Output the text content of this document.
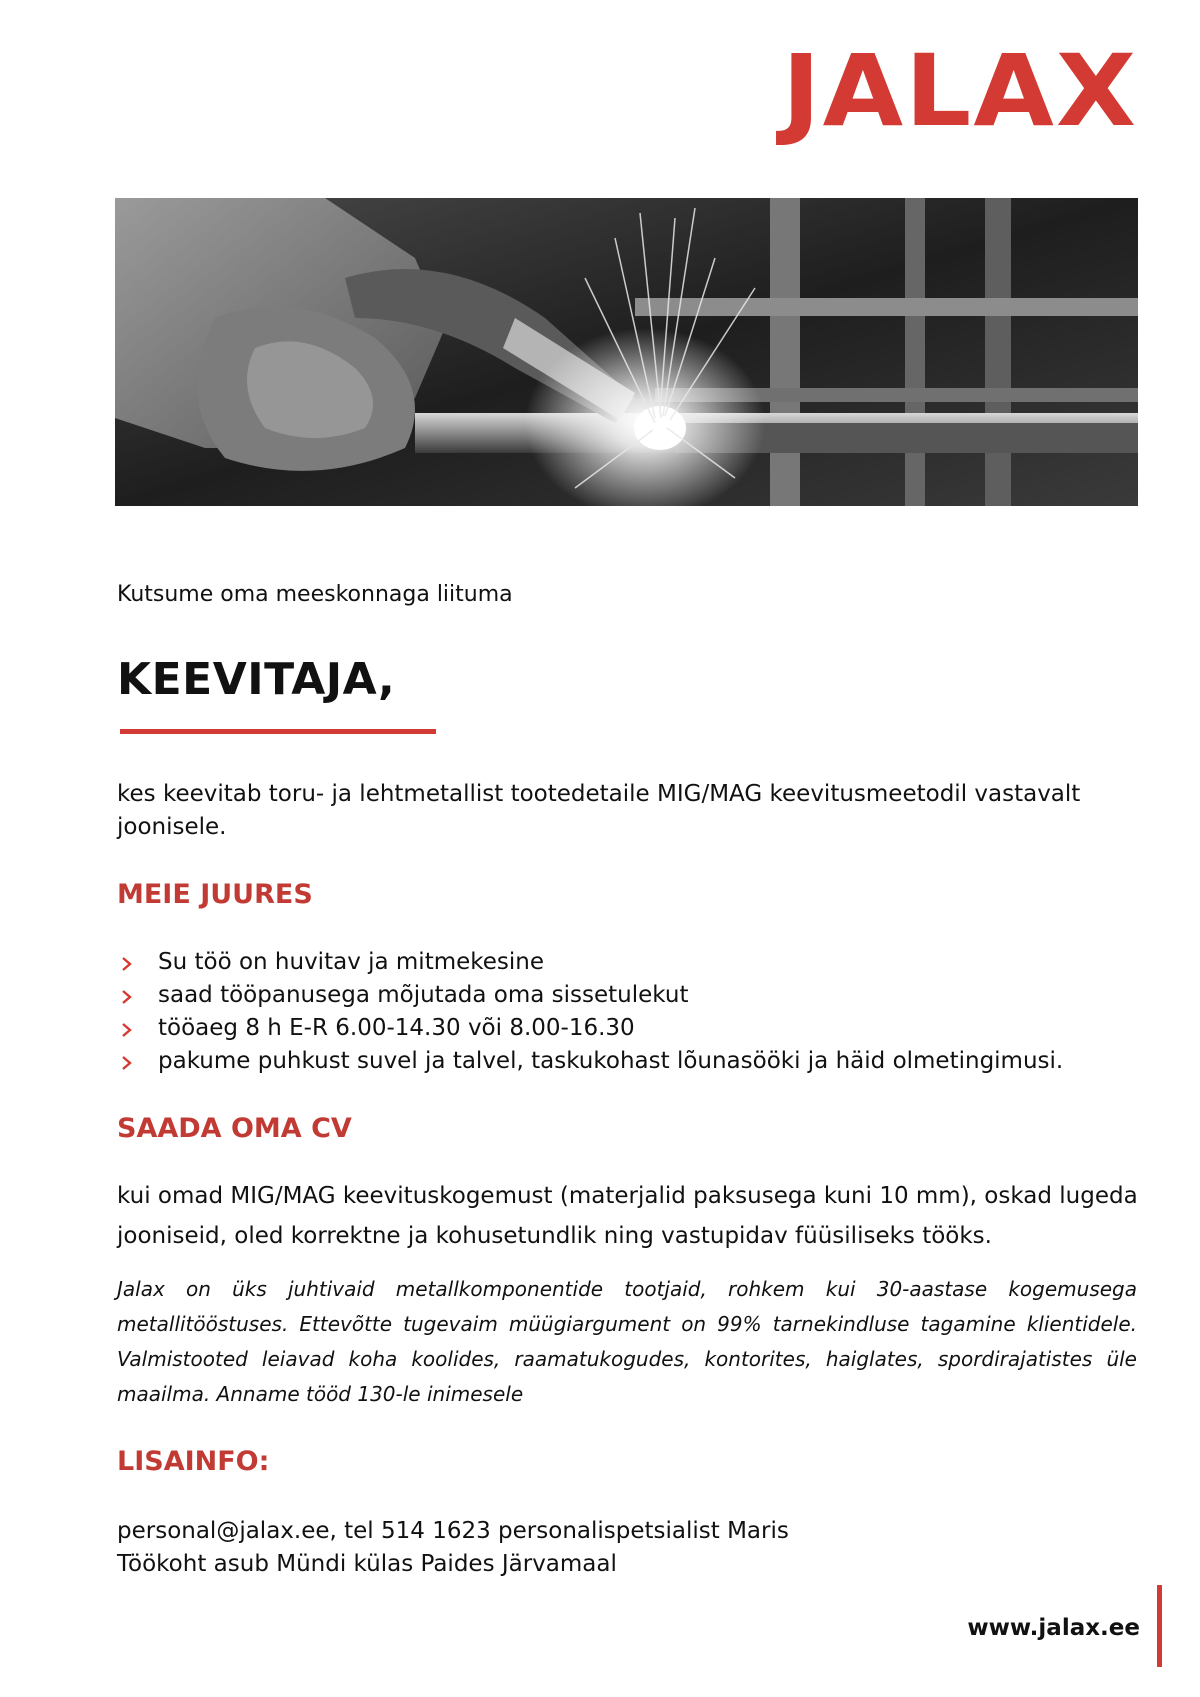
JALAX
Kutsume oma meeskonnaga liituma
KEEVITAJA,
kes keevitab toru- ja lehtmetallist tootedetaile MIG/MAG keevitusmeetodil vastavalt joonisele.
MEIE JUURES
Su töö on huvitav ja mitmekesine
saad tööpanusega mõjutada oma sissetulekut
tööaeg 8 h E-R 6.00-14.30 või 8.00-16.30
pakume puhkust suvel ja talvel, taskukohast lõunasööki ja häid olmetingimusi.
SAADA OMA CV
kui omad MIG/MAG keevituskogemust (materjalid paksusega kuni 10 mm), oskad lugeda jooniseid, oled korrektne ja kohusetundlik ning vastupidav füüsiliseks tööks.
Jalax on üks juhtivaid metallkomponentide tootjaid, rohkem kui 30-aastase kogemusega metallitööstuses. Ettevõtte tugevaim müügiargument on 99% tarnekindluse tagamine klientidele. Valmistooted leiavad koha koolides, raamatukogudes, kontorites, haiglates, spordirajatistes üle maailma. Anname tööd 130-le inimesele
LISAINFO:
personal@jalax.ee, tel 514 1623 personalispetsialist Maris
Töökoht asub Mündi külas Paides Järvamaal
www.jalax.ee
